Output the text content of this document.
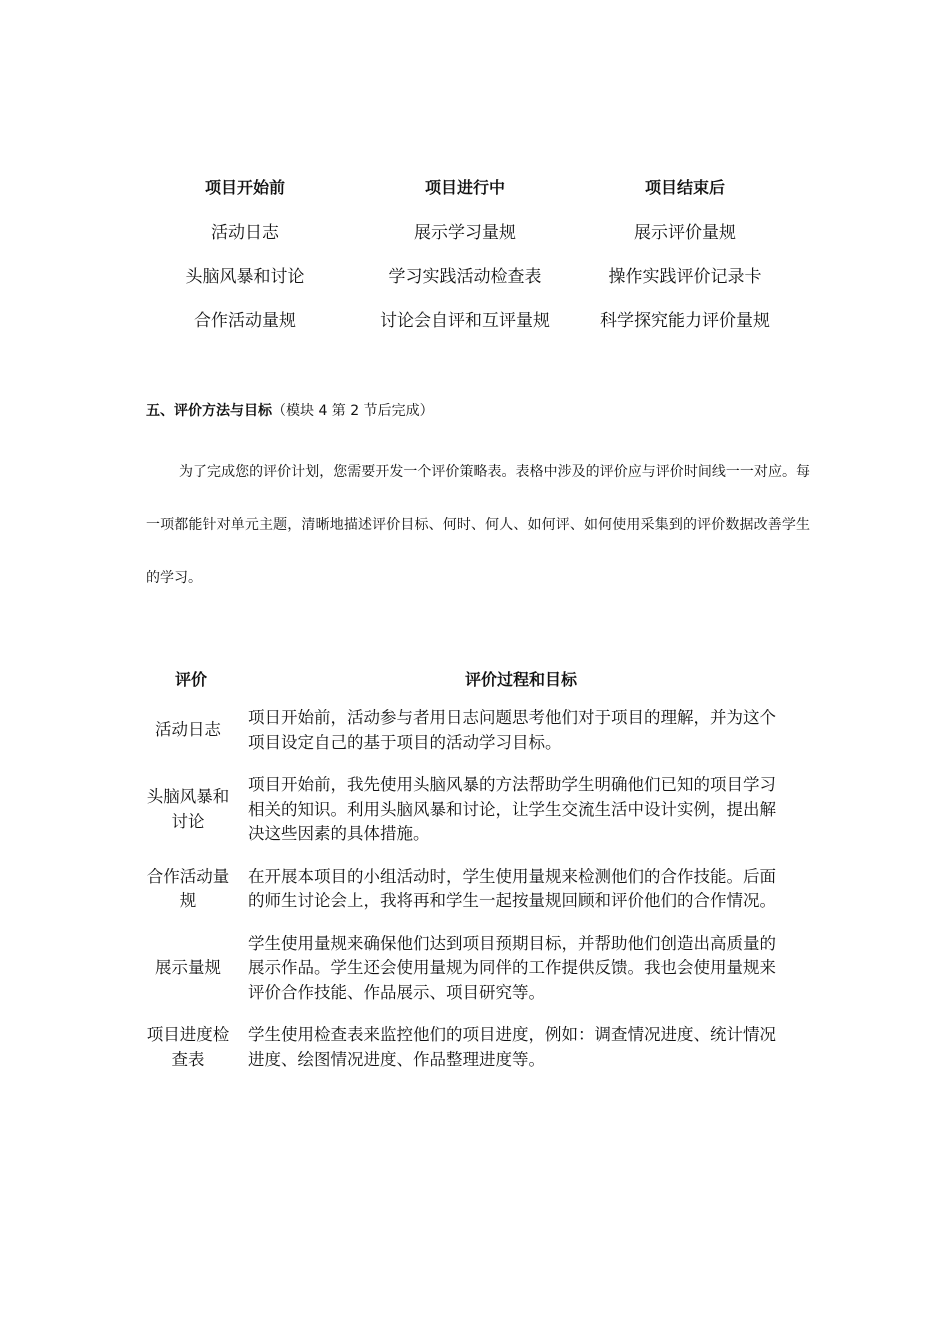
项目开始前	项目进行中	项目结束后
活动日志	展示学习量规	展示评价量规
头脑风暴和讨论	学习实践活动检查表	操作实践评价记录卡
合作活动量规	讨论会自评和互评量规	科学探究能力评价量规
五、评价方法与目标（模块 4 第 2 节后完成）

为了完成您的评价计划，您需要开发一个评价策略表。表格中涉及的评价应与评价时间线一一对应。每一项都能针对单元主题，清晰地描述评价目标、何时、何人、如何评、如何使用采集到的评价数据改善学生的学习。

评价	评价过程和目标
活动日志	项日开始前，活动参与者用日志问题思考他们对于项目的理解，并为这个项目设定自己的基于项目的活动学习目标。
头脑风暴和讨论	项目开始前，我先使用头脑风暴的方法帮助学生明确他们已知的项目学习相关的知识。利用头脑风暴和讨论，让学生交流生活中设计实例，提出解决这些因素的具体措施。
合作活动量规	在开展本项目的小组活动时，学生使用量规来检测他们的合作技能。后面的师生讨论会上，我将再和学生一起按量规回顾和评价他们的合作情况。
展示量规	学生使用量规来确保他们达到项目预期目标，并帮助他们创造出高质量的展示作品。学生还会使用量规为同伴的工作提供反馈。我也会使用量规来评价合作技能、作品展示、项目研究等。
项目进度检查表	学生使用检查表来监控他们的项目进度，例如：调查情况进度、统计情况进度、绘图情况进度、作品整理进度等。
